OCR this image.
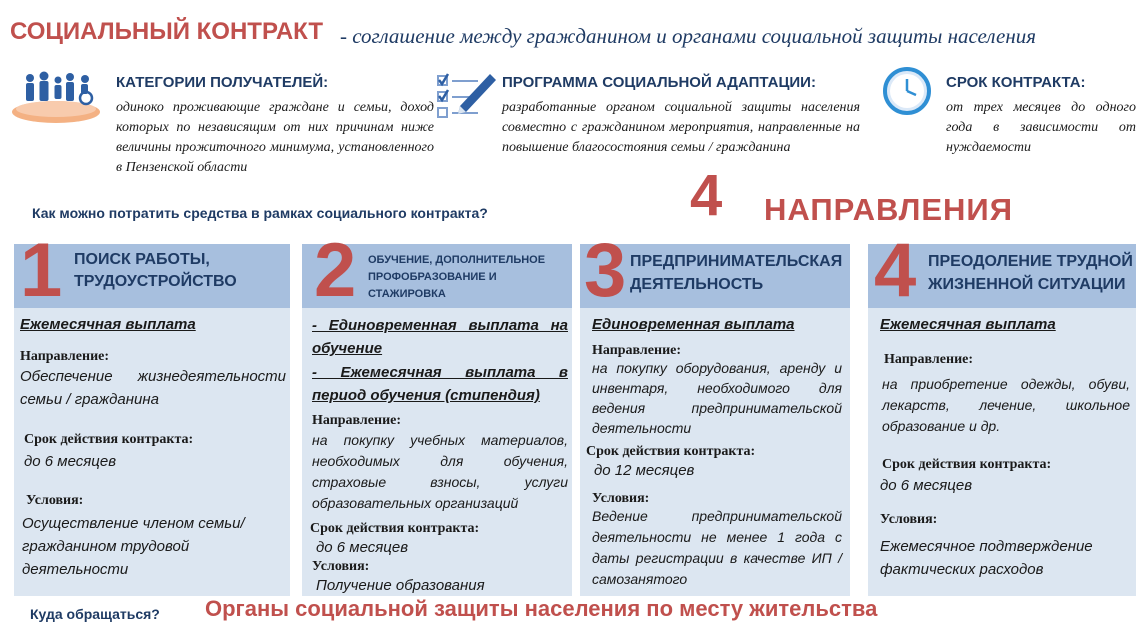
СОЦИАЛЬНЫЙ КОНТРАКТ - соглашение между гражданином и органами социальной защиты населения
КАТЕГОРИИ ПОЛУЧАТЕЛЕЙ:
одиноко проживающие граждане и семьи, доход которых по независящим от них причинам ниже величины прожиточного минимума, установленного в Пензенской области
ПРОГРАММА СОЦИАЛЬНОЙ АДАПТАЦИИ:
разработанные органом социальной защиты населения совместно с гражданином мероприятия, направленные на повышение благосостояния семьи / гражданина
СРОК КОНТРАКТА:
от трех месяцев до одного года в зависимости от нуждаемости
Как можно потратить средства в рамках социального контракта?	4 НАПРАВЛЕНИЯ
ПОИСК РАБОТЫ,
ТРУДОУСТРОЙСТВО
Ежемесячная выплата
Направление:
Обеспечение жизнедеятельности семьи / гражданина
Срок действия контракта:
до 6 месяцев
Условия:
Осуществление членом семьи/ гражданином трудовой деятельности
1	ОБУЧЕНИЕ, ДОПОЛНИТЕЛЬНОЕ
ПРОФОБРАЗОВАНИЕ И
СТАЖИРОВКА
- Единовременная выплата на обучение
- Ежемесячная выплата в период обучения (стипендия)
Направление:
на покупку учебных материалов, необходимых для обучения, страховые взносы, услуги образовательных организаций
Срок действия контракта:
до 6 месяцев
Условия:
Получение образования
2	ПРЕДПРИНИМАТЕЛЬСКАЯ
ДЕЯТЕЛЬНОСТЬ
Единовременная выплата
Направление:
на покупку оборудования, аренду и инвентаря, необходимого для ведения предпринимательской деятельности
Срок действия контракта:
до 12 месяцев
Условия:
Ведение предпринимательской деятельности не менее 1 года с даты регистрации в качестве ИП / самозанятого
3	ПРЕОДОЛЕНИЕ ТРУДНОЙ
ЖИЗНЕННОЙ СИТУАЦИИ
Ежемесячная выплата
Направление:
на приобретение одежды, обуви, лекарств, лечение, школьное образование и др.
Срок действия контракта:
до 6 месяцев
Условия:
Ежемесячное подтверждение фактических расходов
4
Куда обращаться? Органы социальной защиты населения по месту жительства
